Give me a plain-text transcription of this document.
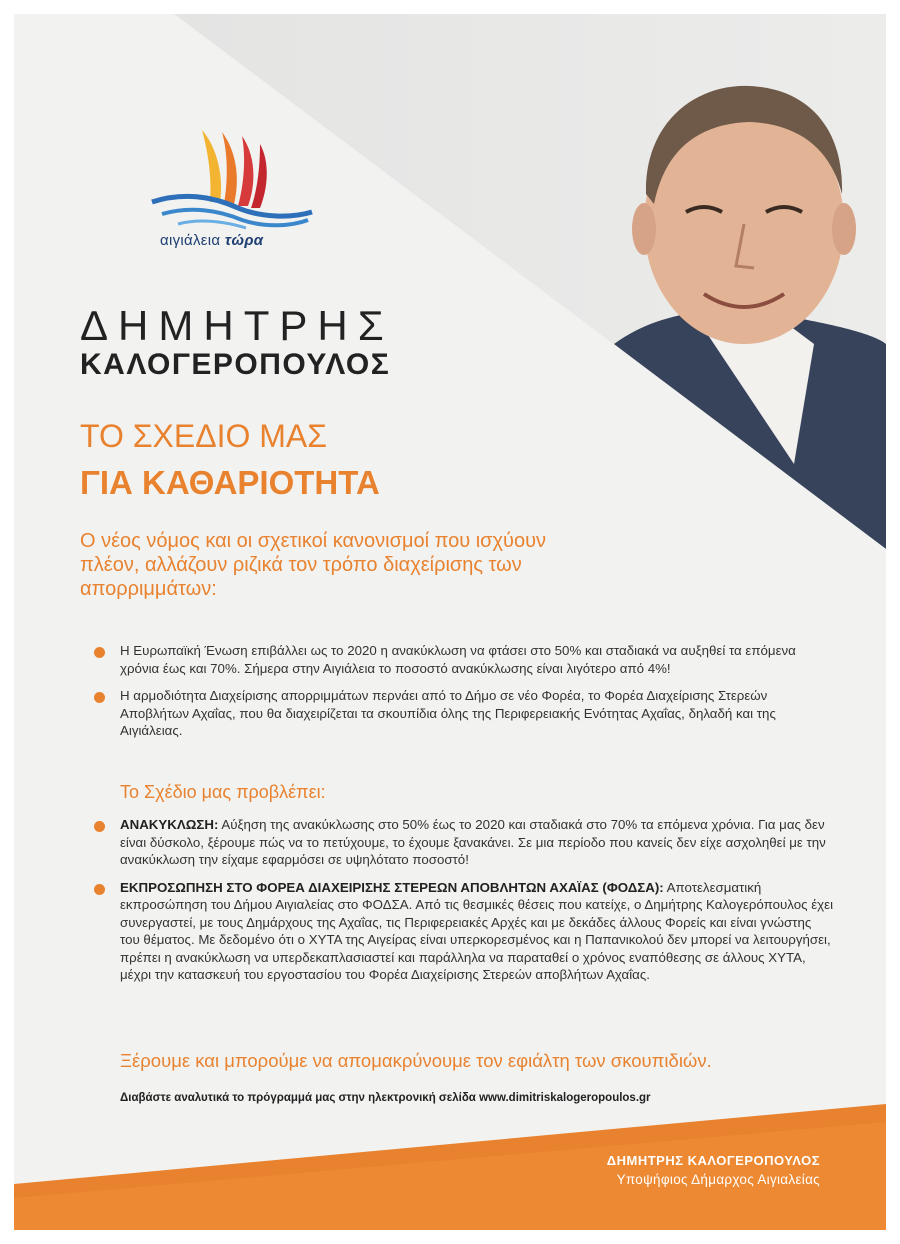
αιγιάλεια τώρα
ΔΗΜΗΤΡΗΣ
ΚΑΛΟΓΕΡΟΠΟΥΛΟΣ
ΤΟ ΣΧΕΔΙΟ ΜΑΣ
ΓΙΑ ΚΑΘΑΡΙΟΤΗΤΑ
Ο νέος νόμος και οι σχετικοί κανονισμοί που ισχύουν πλέον, αλλάζουν ριζικά τον τρόπο διαχείρισης των απορριμμάτων:
Η Ευρωπαϊκή Ένωση επιβάλλει ως το 2020 η ανακύκλωση να φτάσει στο 50% και σταδιακά να αυξηθεί τα επόμενα χρόνια έως και 70%. Σήμερα στην Αιγιάλεια το ποσοστό ανακύκλωσης είναι λιγότερο από 4%!
Η αρμοδιότητα Διαχείρισης απορριμμάτων περνάει από το Δήμο σε νέο Φορέα, το Φορέα Διαχείρισης Στερεών Αποβλήτων Αχαΐας, που θα διαχειρίζεται τα σκουπίδια όλης της Περιφερειακής Ενότητας Αχαΐας, δηλαδή και της Αιγιάλειας.
Το Σχέδιο μας προβλέπει:
ΑΝΑΚΥΚΛΩΣΗ: Αύξηση της ανακύκλωσης στο 50% έως το 2020 και σταδιακά στο 70% τα επόμενα χρόνια. Για μας δεν είναι δύσκολο, ξέρουμε πώς να το πετύχουμε, το έχουμε ξανακάνει. Σε μια περίοδο που κανείς δεν είχε ασχοληθεί με την ανακύκλωση την είχαμε εφαρμόσει σε υψηλότατο ποσοστό!
ΕΚΠΡΟΣΩΠΗΣΗ ΣΤΟ ΦΟΡΕΑ ΔΙΑΧΕΙΡΙΣΗΣ ΣΤΕΡΕΩΝ ΑΠΟΒΛΗΤΩΝ ΑΧΑΪΑΣ (ΦΟΔΣΑ): Αποτελεσματική εκπροσώπηση του Δήμου Αιγιαλείας στο ΦΟΔΣΑ. Από τις θεσμικές θέσεις που κατείχε, ο Δημήτρης Καλογερόπουλος έχει συνεργαστεί, με τους Δημάρχους της Αχαΐας, τις Περιφερειακές Αρχές και με δεκάδες άλλους Φορείς και είναι γνώστης του θέματος. Με δεδομένο ότι ο ΧΥΤΑ της Αιγείρας είναι υπερκορεσμένος και η Παπανικολού δεν μπορεί να λειτουργήσει, πρέπει η ανακύκλωση να υπερδεκαπλασιαστεί και παράλληλα να παραταθεί ο χρόνος εναπόθεσης σε άλλους ΧΥΤΑ, μέχρι την κατασκευή του εργοστασίου του Φορέα Διαχείρισης Στερεών αποβλήτων Αχαΐας.
Ξέρουμε και μπορούμε να απομακρύνουμε τον εφιάλτη των σκουπιδιών.
Διαβάστε αναλυτικά το πρόγραμμά μας στην ηλεκτρονική σελίδα www.dimitriskalogeropoulos.gr
ΔΗΜΗΤΡΗΣ ΚΑΛΟΓΕΡΟΠΟΥΛΟΣ
Υποψήφιος Δήμαρχος Αιγιαλείας
